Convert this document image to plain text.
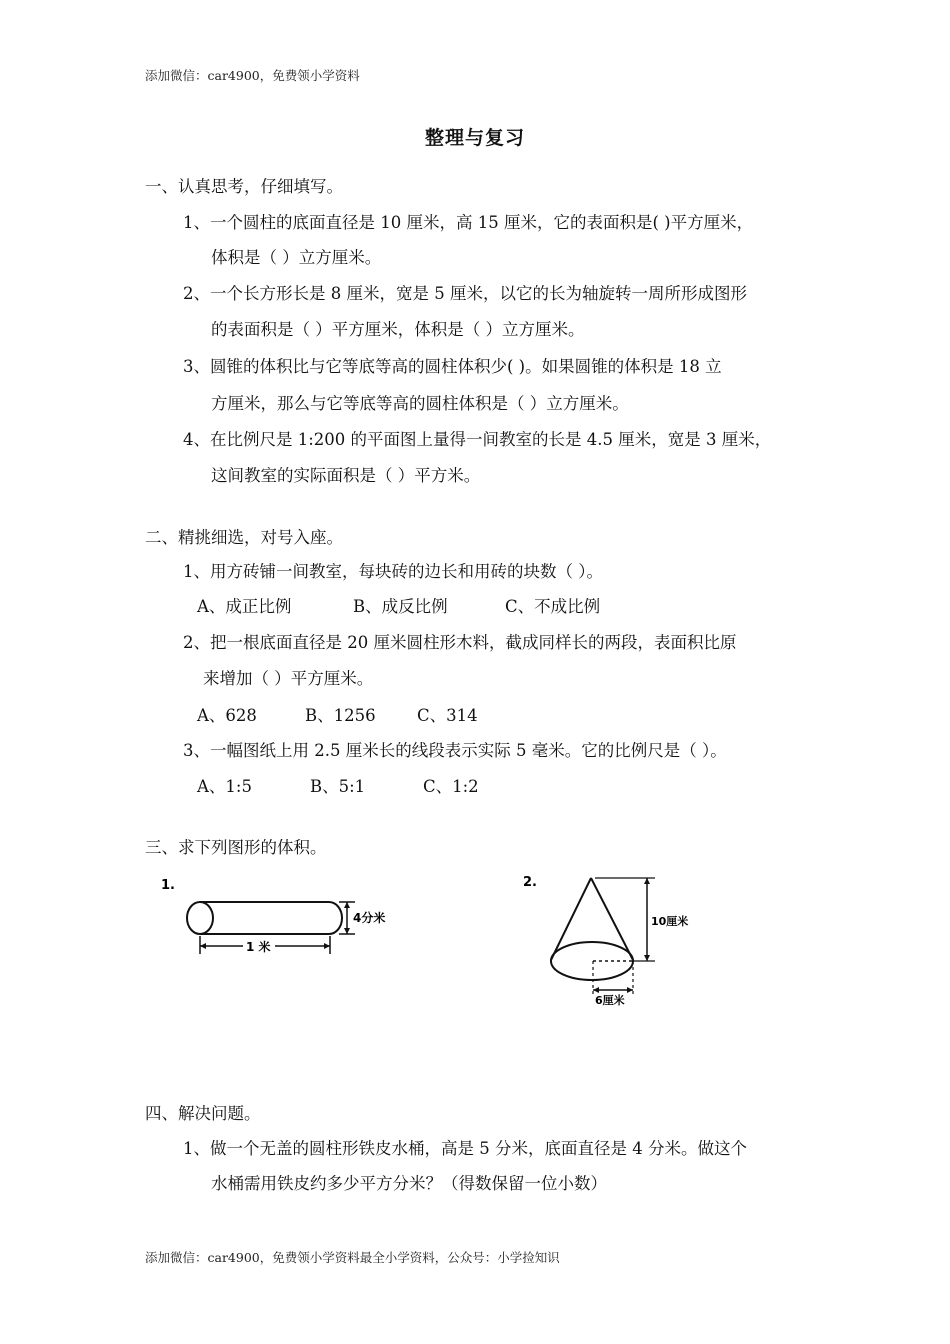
添加微信：car4900，免费领小学资料
整理与复习
一、认真思考，仔细填写。
1、一个圆柱的底面直径是 10 厘米，高 15 厘米，它的表面积是( )平方厘米，
体积是（ ）立方厘米。
2、一个长方形长是 8 厘米，宽是 5 厘米，以它的长为轴旋转一周所形成图形
的表面积是（ ）平方厘米，体积是（ ）立方厘米。
3、圆锥的体积比与它等底等高的圆柱体积少( )。如果圆锥的体积是 18 立
方厘米，那么与它等底等高的圆柱体积是（ ）立方厘米。
4、在比例尺是 1:200 的平面图上量得一间教室的长是 4.5 厘米，宽是 3 厘米，
这间教室的实际面积是（ ）平方米。
二、精挑细选，对号入座。
1、用方砖铺一间教室，每块砖的边长和用砖的块数（ ）。
A、成正比例	B、成反比例	C、不成比例
2、把一根底面直径是 20 厘米圆柱形木料，截成同样长的两段，表面积比原
来增加（ ）平方厘米。
A、628	B、1256	C、314
3、一幅图纸上用 2.5 厘米长的线段表示实际 5 毫米。它的比例尺是（ ）。
A、1:5	B、5:1	C、1:2
三、求下列图形的体积。
1.
4分米
1 米
2.
6厘米
10厘米
四、解决问题。
1、做一个无盖的圆柱形铁皮水桶，高是 5 分米，底面直径是 4 分米。做这个
水桶需用铁皮约多少平方分米？（得数保留一位小数）
添加微信：car4900，免费领小学资料最全小学资料，公众号：小学捡知识
